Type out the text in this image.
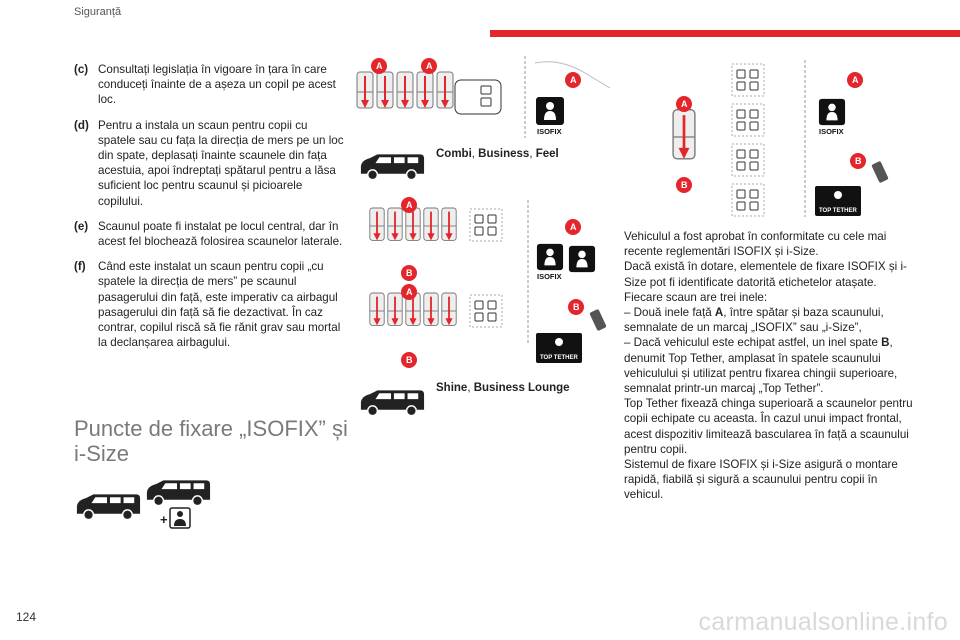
Siguranță
(c) Consultați legislația în vigoare în țara în care conduceți înainte de a așeza un copil pe acest loc.
(d) Pentru a instala un scaun pentru copii cu spatele sau cu fața la direcția de mers pe un loc din spate, deplasați înainte scaunele din fața acestuia, apoi îndreptați spătarul pentru a lăsa suficient loc pentru scaunul și picioarele copilului.
(e) Scaunul poate fi instalat pe locul central, dar în acest fel blochează folosirea scaunelor laterale.
(f)	Când este instalat un scaun pentru copii „cu spatele la direcția de mers” pe scaunul pasagerului din față, este imperativ ca airbagul pasagerului din față să fie dezactivat. În caz contrar, copilul riscă să fie rănit grav sau mortal la declanșarea airbagului.
Puncte de fixare „ISOFIX” și i-Size
+
A	A
A
ISOFIX
Combi, Business, Feel
A
B
A
B
A
ISOFIX
B
TOP TETHER
Shine, Business Lounge
A
B
A
ISOFIX
B
TOP TETHER

Vehiculul a fost aprobat în conformitate cu cele mai recente reglementări ISOFIX și i-Size.

Dacă există în dotare, elementele de fixare ISOFIX și i-Size pot fi identificate datorită etichetelor atașate.

Fiecare scaun are trei inele:

– Două inele față A, între spătar și baza scaunului, semnalate de un marcaj „ISOFIX” sau „i-Size”,

– Dacă vehiculul este echipat astfel, un inel spate B, denumit Top Tether, amplasat în spatele scaunului vehiculului și utilizat pentru fixarea chingii superioare, semnalat printr-un marcaj „Top Tether”.

Top Tether fixează chinga superioară a scaunelor pentru copii echipate cu aceasta. În cazul unui impact frontal, acest dispozitiv limitează bascularea în față a scaunului pentru copii.

Sistemul de fixare ISOFIX și i-Size asigură o montare rapidă, fiabilă și sigură a scaunului pentru copii în vehicul.

124	carmanualsonline.info
